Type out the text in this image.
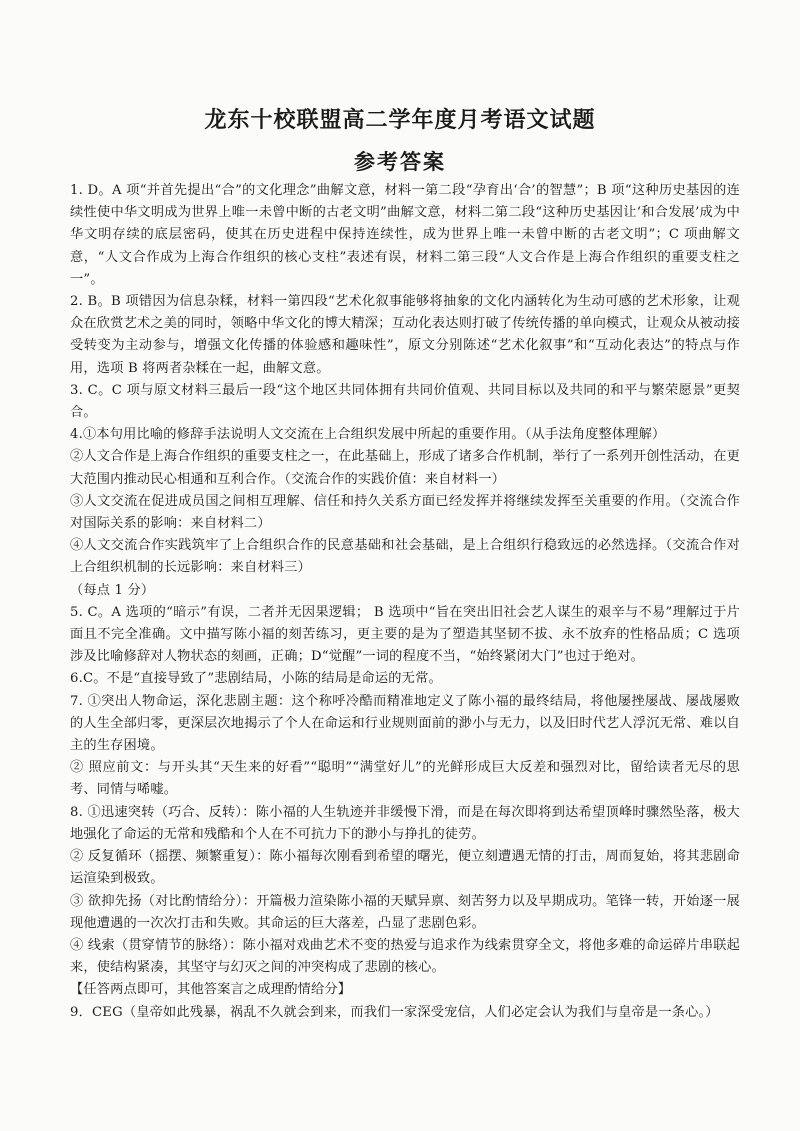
龙东十校联盟高二学年度月考语文试题
参考答案

1. D。A 项“并首先提出“合”的文化理念”曲解文意，材料一第二段“孕育出‘合’的智慧”；B 项“这种历史基因的连续性使中华文明成为世界上唯一未曾中断的古老文明”曲解文意，材料二第二段“这种历史基因让‘和合发展’成为中华文明存续的底层密码，使其在历史进程中保持连续性，成为世界上唯一未曾中断的古老文明”；C 项曲解文意，“人文合作成为上海合作组织的核心支柱”表述有误，材料二第三段“人文合作是上海合作组织的重要支柱之一”。

2. B。B 项错因为信息杂糅，材料一第四段“艺术化叙事能够将抽象的文化内涵转化为生动可感的艺术形象，让观众在欣赏艺术之美的同时，领略中华文化的博大精深；互动化表达则打破了传统传播的单向模式，让观众从被动接受转变为主动参与，增强文化传播的体验感和趣味性”，原文分别陈述“艺术化叙事”和“互动化表达”的特点与作用，选项 B 将两者杂糅在一起，曲解文意。

3. C。C 项与原文材料三最后一段“这个地区共同体拥有共同价值观、共同目标以及共同的和平与繁荣愿景”更契合。

4.①本句用比喻的修辞手法说明人文交流在上合组织发展中所起的重要作用。（从手法角度整体理解）

②人文合作是上海合作组织的重要支柱之一，在此基础上，形成了诸多合作机制，举行了一系列开创性活动，在更大范围内推动民心相通和互利合作。（交流合作的实践价值：来自材料一）

③人文交流在促进成员国之间相互理解、信任和持久关系方面已经发挥并将继续发挥至关重要的作用。（交流合作对国际关系的影响：来自材料二）

④人文交流合作实践筑牢了上合组织合作的民意基础和社会基础，是上合组织行稳致远的必然选择。（交流合作对上合组织机制的长远影响：来自材料三）

（每点 1 分）

5. C。A 选项的“暗示”有误，二者并无因果逻辑； B 选项中“旨在突出旧社会艺人谋生的艰辛与不易”理解过于片面且不完全准确。文中描写陈小福的刻苦练习，更主要的是为了塑造其坚韧不拔、永不放弃的性格品质；C 选项涉及比喻修辞对人物状态的刻画，正确；D“觉醒”一词的程度不当，“始终紧闭大门”也过于绝对。

6.C。不是“直接导致了”悲剧结局，小陈的结局是命运的无常。

7. ①突出人物命运，深化悲剧主题：这个称呼冷酷而精准地定义了陈小福的最终结局，将他屡挫屡战、屡战屡败的人生全部归零，更深层次地揭示了个人在命运和行业规则面前的渺小与无力，以及旧时代艺人浮沉无常、难以自主的生存困境。

② 照应前文：与开头其“天生来的好看”“聪明”“满堂好儿”的光鲜形成巨大反差和强烈对比，留给读者无尽的思考、同情与唏嘘。

8. ①迅速突转（巧合、反转）：陈小福的人生轨迹并非缓慢下滑，而是在每次即将到达希望顶峰时骤然坠落，极大地强化了命运的无常和残酷和个人在不可抗力下的渺小与挣扎的徒劳。

② 反复循环（摇摆、频繁重复）：陈小福每次刚看到希望的曙光，便立刻遭遇无情的打击，周而复始，将其悲剧命运渲染到极致。

③ 欲抑先扬（对比酌情给分）：开篇极力渲染陈小福的天赋异禀、刻苦努力以及早期成功。笔锋一转，开始逐一展现他遭遇的一次次打击和失败。其命运的巨大落差，凸显了悲剧色彩。

④ 线索（贯穿情节的脉络）：陈小福对戏曲艺术不变的热爱与追求作为线索贯穿全文，将他多难的命运碎片串联起来，使结构紧凑，其坚守与幻灭之间的冲突构成了悲剧的核心。

【任答两点即可，其他答案言之成理酌情给分】

9．CEG（皇帝如此残暴，祸乱不久就会到来，而我们一家深受宠信，人们必定会认为我们与皇帝是一条心。）
